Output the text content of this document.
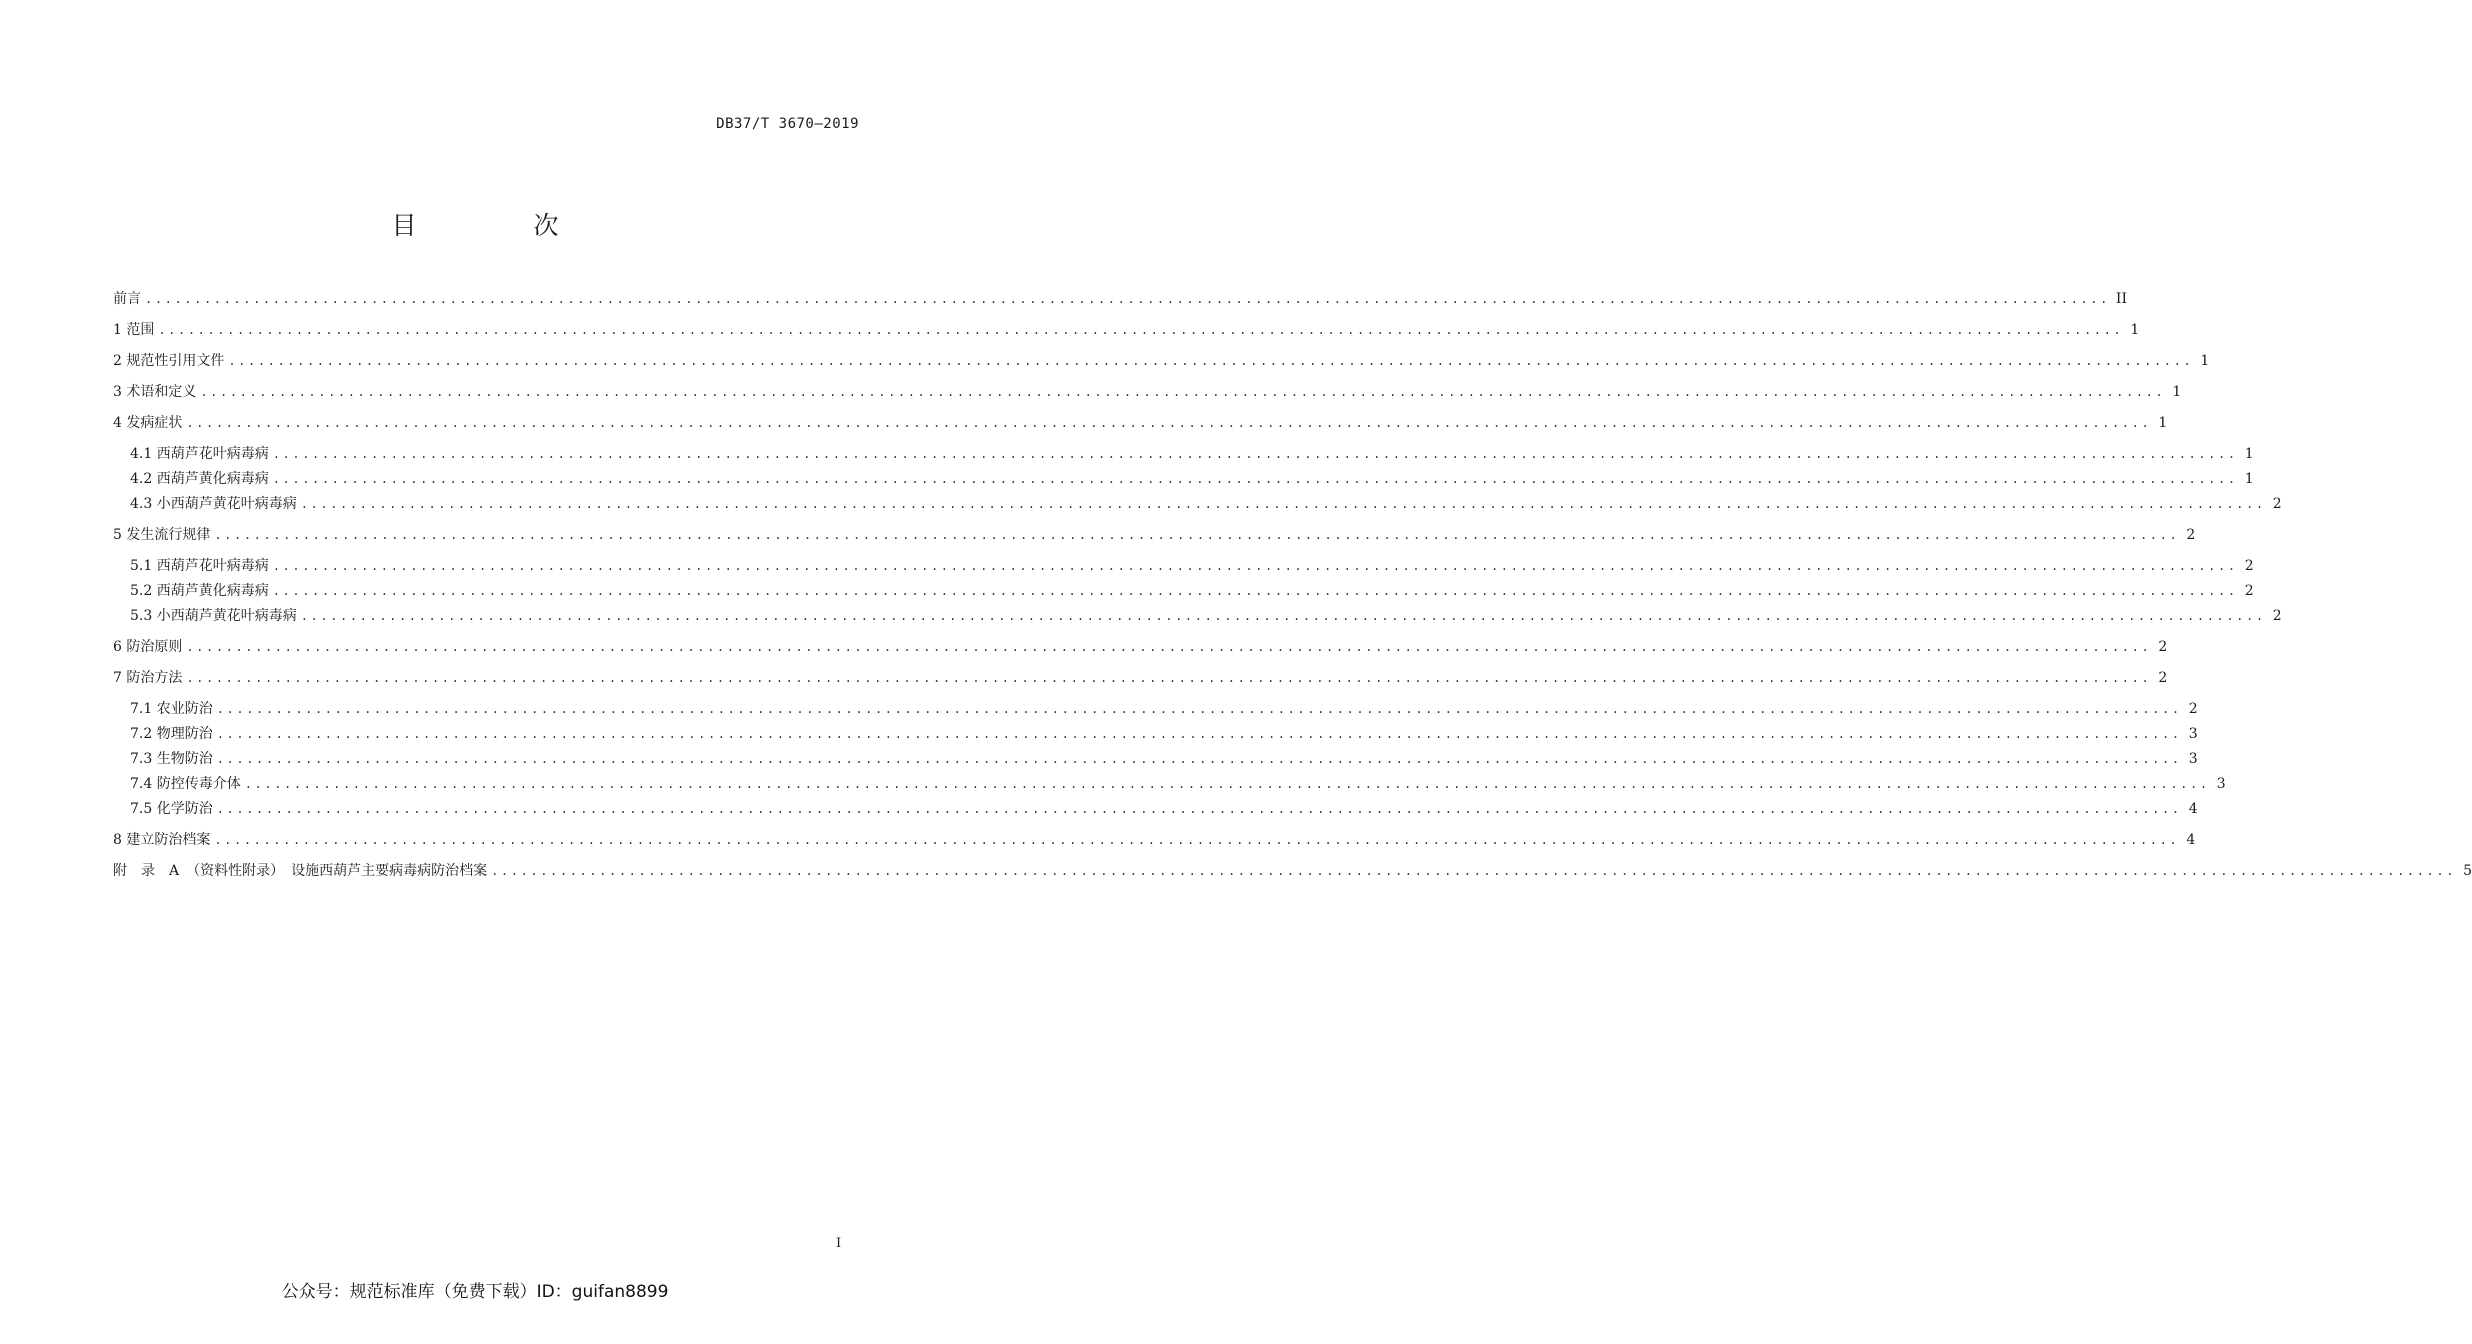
DB37/T 3670—2019
目　次
前言 ........................................................................................................................................................................................................ II
1 范围 ........................................................................................................................................................................................................ 1
2 规范性引用文件 ........................................................................................................................................................................................................ 1
3 术语和定义 ........................................................................................................................................................................................................ 1
4 发病症状 ........................................................................................................................................................................................................ 1
4.1 西葫芦花叶病毒病 ........................................................................................................................................................................................................ 1
4.2 西葫芦黄化病毒病 ........................................................................................................................................................................................................ 1
4.3 小西葫芦黄花叶病毒病 ........................................................................................................................................................................................................ 2
5 发生流行规律 ........................................................................................................................................................................................................ 2
5.1 西葫芦花叶病毒病 ........................................................................................................................................................................................................ 2
5.2 西葫芦黄化病毒病 ........................................................................................................................................................................................................ 2
5.3 小西葫芦黄花叶病毒病 ........................................................................................................................................................................................................ 2
6 防治原则 ........................................................................................................................................................................................................ 2
7 防治方法 ........................................................................................................................................................................................................ 2
7.1 农业防治 ........................................................................................................................................................................................................ 2
7.2 物理防治 ........................................................................................................................................................................................................ 3
7.3 生物防治 ........................................................................................................................................................................................................ 3
7.4 防控传毒介体 ........................................................................................................................................................................................................ 3
7.5 化学防治 ........................................................................................................................................................................................................ 4
8 建立防治档案 ........................................................................................................................................................................................................ 4
附　录　A　（资料性附录）　设施西葫芦主要病毒病防治档案 ........................................................................................................................................................................................................ 5
I
公众号：规范标准库（免费下载）ID：guifan8899
